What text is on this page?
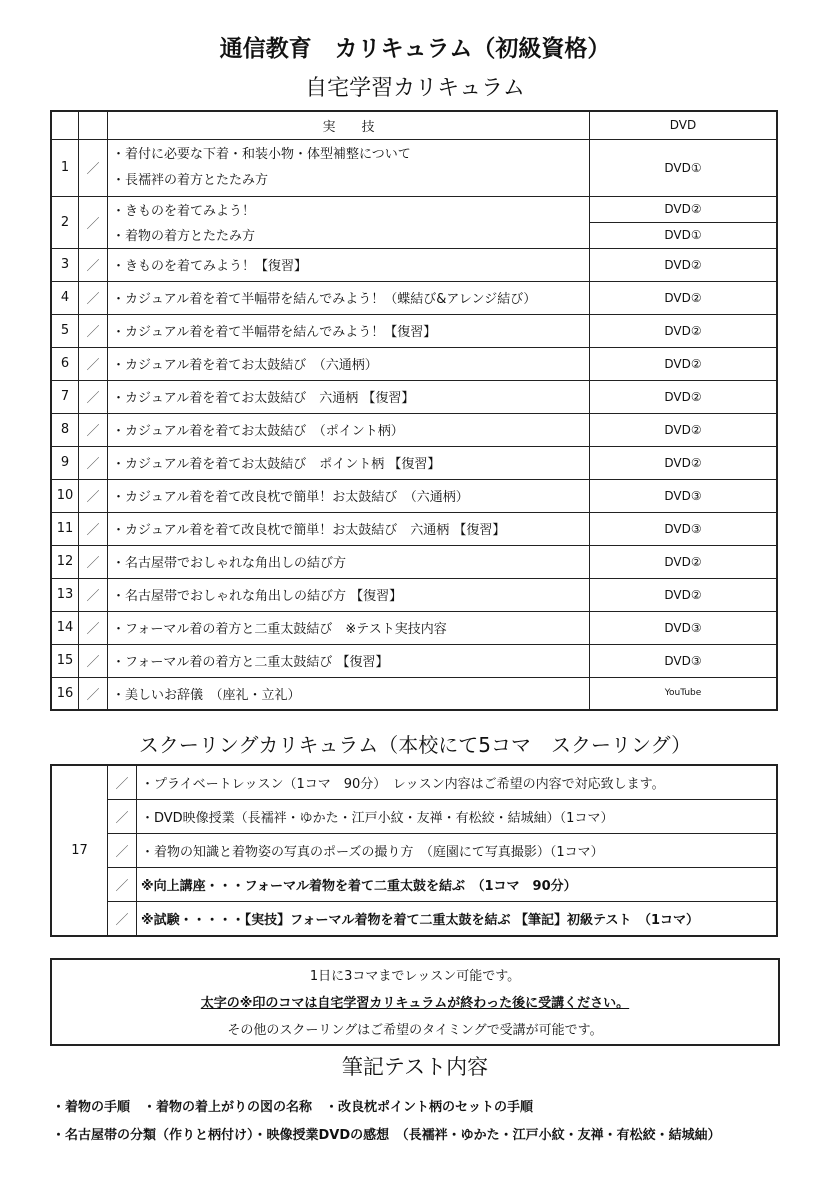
通信教育　カリキュラム（初級資格）
自宅学習カリキュラム
		実　　技	DVD
1	／	・着付に必要な下着・和装小物・体型補整について
・長襦袢の着方とたたみ方	DVD①
2	／	・きものを着てみよう！	DVD②
		・着物の着方とたたみ方	DVD①
3	／	・きものを着てみよう！【復習】	DVD②
4	／	・カジュアル着を着て半幅帯を結んでみよう！（蝶結び&アレンジ結び）	DVD②
5	／	・カジュアル着を着て半幅帯を結んでみよう！【復習】	DVD②
6	／	・カジュアル着を着てお太鼓結び　（六通柄）	DVD②
7	／	・カジュアル着を着てお太鼓結び　六通柄 【復習】	DVD②
8	／	・カジュアル着を着てお太鼓結び　（ポイント柄）	DVD②
9	／	・カジュアル着を着てお太鼓結び　ポイント柄 【復習】	DVD②
10	／	・カジュアル着を着て改良枕で簡単！お太鼓結び　（六通柄）	DVD③
11	／	・カジュアル着を着て改良枕で簡単！お太鼓結び　六通柄 【復習】	DVD③
12	／	・名古屋帯でおしゃれな角出しの結び方	DVD②
13	／	・名古屋帯でおしゃれな角出しの結び方 【復習】	DVD②
14	／	・フォーマル着の着方と二重太鼓結び　※テスト実技内容	DVD③
15	／	・フォーマル着の着方と二重太鼓結び 【復習】	DVD③
16	／	・美しいお辞儀　（座礼・立礼）	YouTube
スクーリングカリキュラム（本校にて5コマ　スクーリング）
17	／	・プライベートレッスン（1コマ　90分）　レッスン内容はご希望の内容で対応致します。
	／	・DVD映像授業（長襦袢・ゆかた・江戸小紋・友禅・有松絞・結城紬）（1コマ）
	／	・着物の知識と着物姿の写真のポーズの撮り方　（庭園にて写真撮影）（1コマ）
	／	※向上講座・・・フォーマル着物を着て二重太鼓を結ぶ　（1コマ　90分）
	／	※試験・・・・・【実技】フォーマル着物を着て二重太鼓を結ぶ 【筆記】初級テスト　（1コマ）
1日に3コマまでレッスン可能です。
太字の※印のコマは自宅学習カリキュラムが終わった後に受講ください。
その他のスクーリングはご希望のタイミングで受講が可能です。
筆記テスト内容
・着物の手順　・着物の着上がりの図の名称　・改良枕ポイント柄のセットの手順
・名古屋帯の分類（作りと柄付け）・映像授業DVDの感想　（長襦袢・ゆかた・江戸小紋・友禅・有松絞・結城紬）
